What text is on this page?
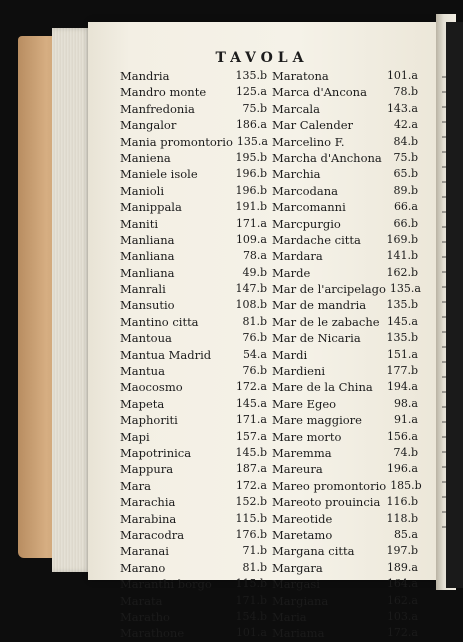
TAVOLA
Mandria	135.b
Mandro monte	125.a
Manfredonia	75.b
Mangalor	186.a
Mania promontorio 135.a
Maniena	195.b
Maniele isole	196.b
Manioli	196.b
Manippala	191.b
Maniti	171.a
Manliana	109.a
Manliana	78.a
Manliana	49.b
Manrali	147.b
Mansutio	108.b
Mantino citta	81.b
Mantoua	76.b
Mantua Madrid	54.a
Mantua	76.b
Maocosmo	172.a
Mapeta	145.a
Maphoriti	171.a
Mapi	157.a
Mapotrinica	145.b
Mappura	187.a
Mara	172.a
Marachia	152.b
Marabina	115.b
Maracodra	176.b
Maranai	71.b
Marano	81.b
Maranthi borgo	115.b
Marata	171.b
Maratho	154.b
Marathone	101.a
Maratona	101.a
Marca d'Ancona	78.b
Marcala	143.a
Mar Calender	42.a
Marcelino F.	84.b
Marcha d'Anchona	75.b
Marchia	65.b
Marcodana	89.b
Marcomanni	66.a
Marcpurgio	66.b
Mardache citta	169.b
Mardara	141.b
Marde	162.b
Mar de l'arcipelago 135.a
Mar de mandria	135.b
Mar de le zabache 145.a
Mar de Nicaria	135.b
Mardi	151.a
Mardieni	177.b
Mare de la China	194.a
Mare Egeo	98.a
Mare maggiore	91.a
Mare morto	156.a
Maremma	74.b
Mareura	196.a
Mareo promontorio 185.b
Mareoto prouincia 116.b
Mareotide	118.b
Maretamo	85.a
Margana citta	197.b
Margara	189.a
Margasi	164.a
Margiana	162.a
Maria	103.a
Mariama	172.a
